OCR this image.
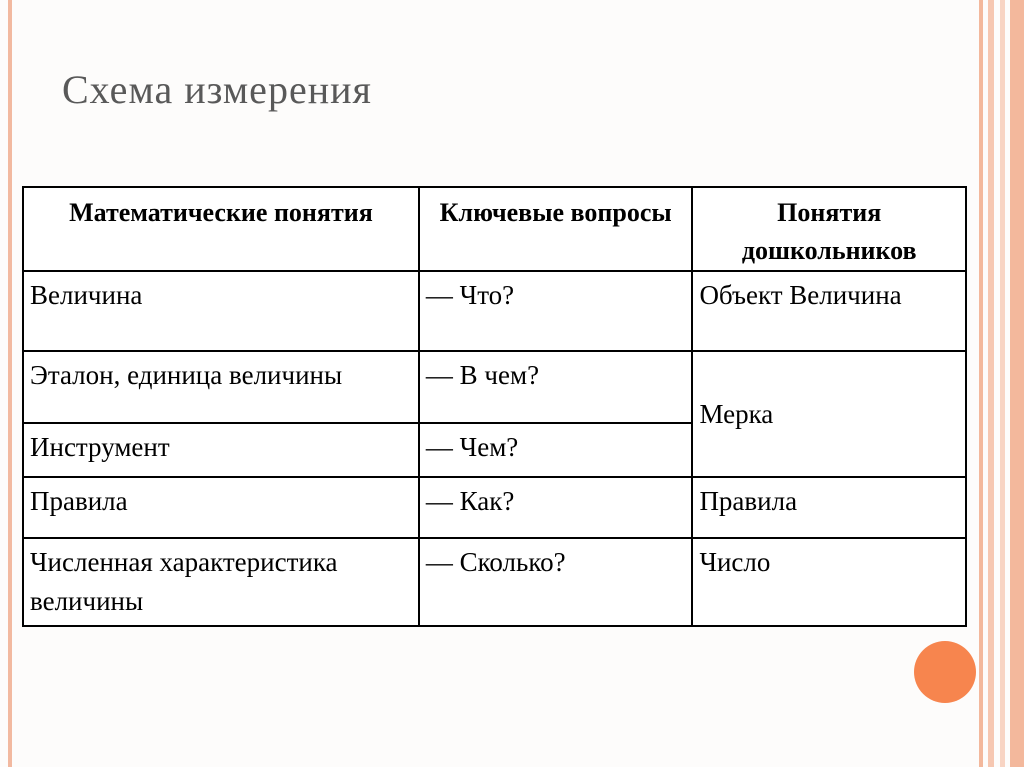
Схема измерения
Математические понятия	Ключевые вопросы	Понятия дошкольников
Величина	— Что?	Объект Величина
Эталон, единица величины	— В чем?	Мерка
Инструмент	— Чем?	
Правила	— Как?	Правила
Численная характеристика величины	— Сколько?	Число
